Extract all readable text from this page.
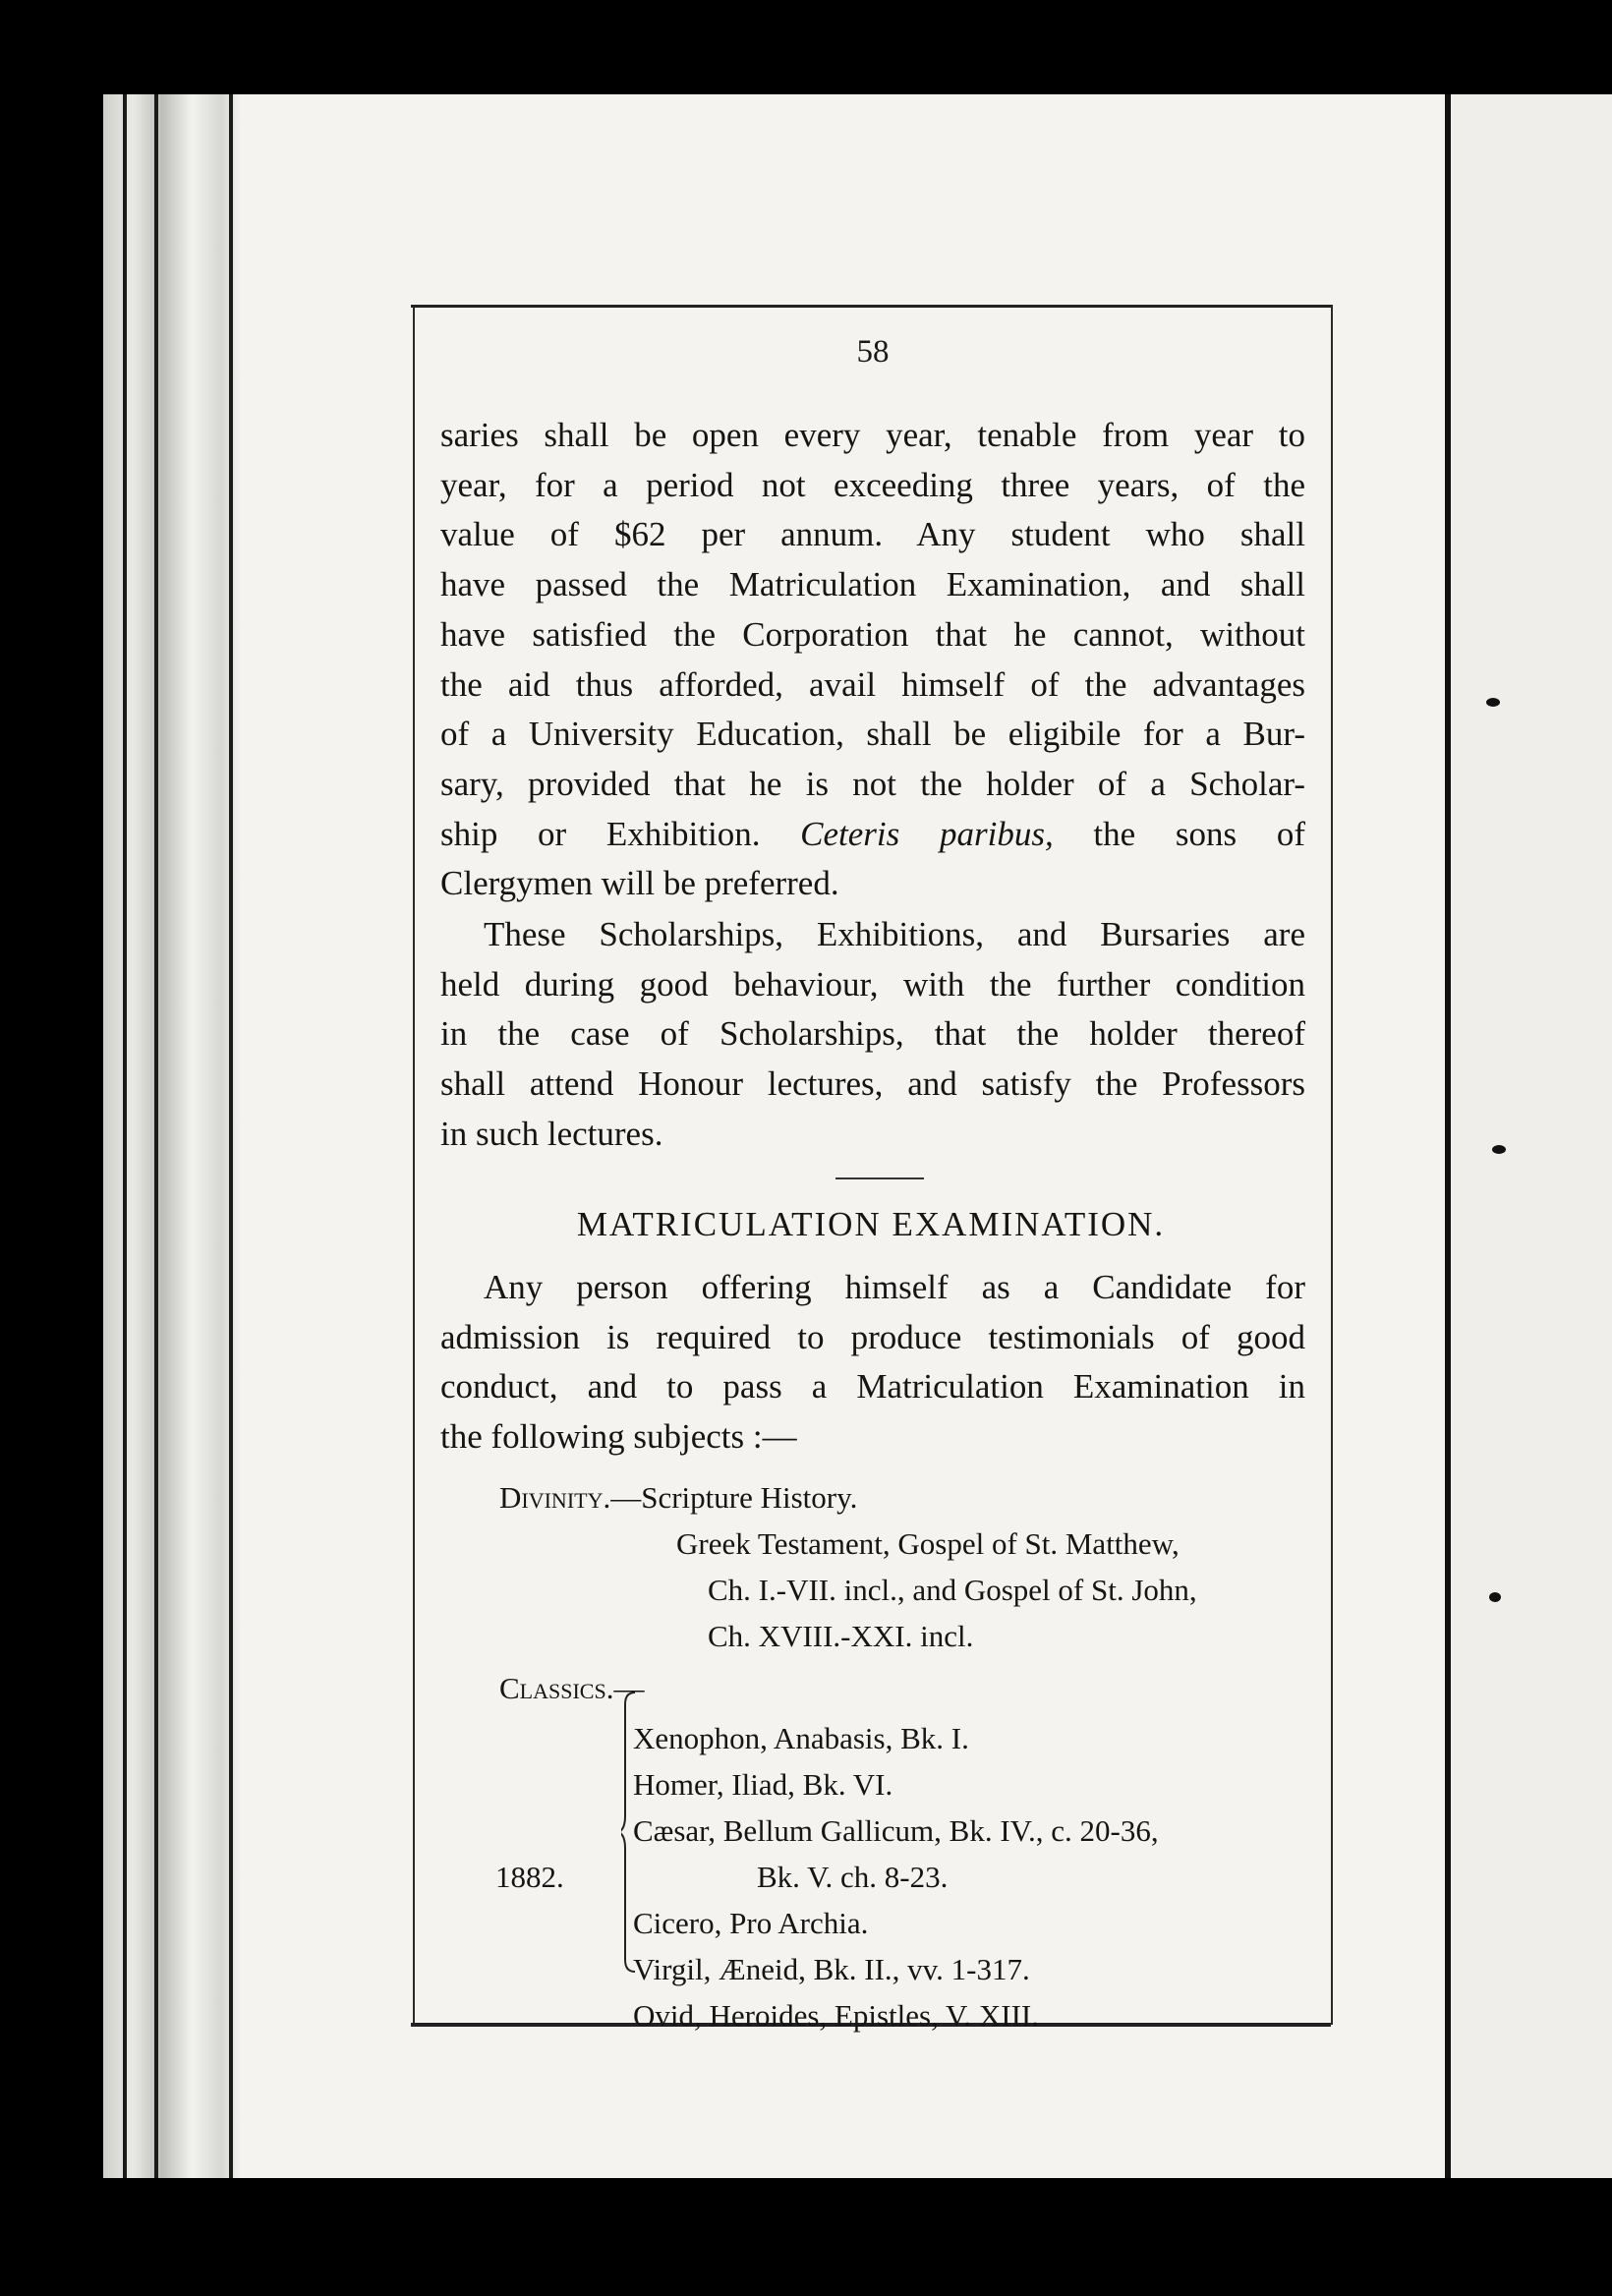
58
saries shall be open every year, tenable from year to
year, for a period not exceeding three years, of the
value of $62 per annum. Any student who shall
have passed the Matriculation Examination, and shall
have satisfied the Corporation that he cannot, without
the aid thus afforded, avail himself of the advantages
of a University Education, shall be eligibile for a Bur-
sary, provided that he is not the holder of a Scholar-
ship or Exhibition. Ceteris paribus, the sons of
Clergymen will be preferred.
These Scholarships, Exhibitions, and Bursaries are
held during good behaviour, with the further condition
in the case of Scholarships, that the holder thereof
shall attend Honour lectures, and satisfy the Professors
in such lectures.
MATRICULATION EXAMINATION.
Any person offering himself as a Candidate for
admission is required to produce testimonials of good
conduct, and to pass a Matriculation Examination in
the following subjects :—
Divinity.—Scripture History.
Greek Testament, Gospel of St. Matthew,
Ch. I.-VII. incl., and Gospel of St. John,
Ch. XVIII.-XXI. incl.
Classics.—
Xenophon, Anabasis, Bk. I.
Homer, Iliad, Bk. VI.
Cæsar, Bellum Gallicum, Bk. IV., c. 20-36,
1882.	Bk. V. ch. 8-23.
Cicero, Pro Archia.
Virgil, Æneid, Bk. II., vv. 1-317.
Ovid, Heroides, Epistles, V. XIII.
